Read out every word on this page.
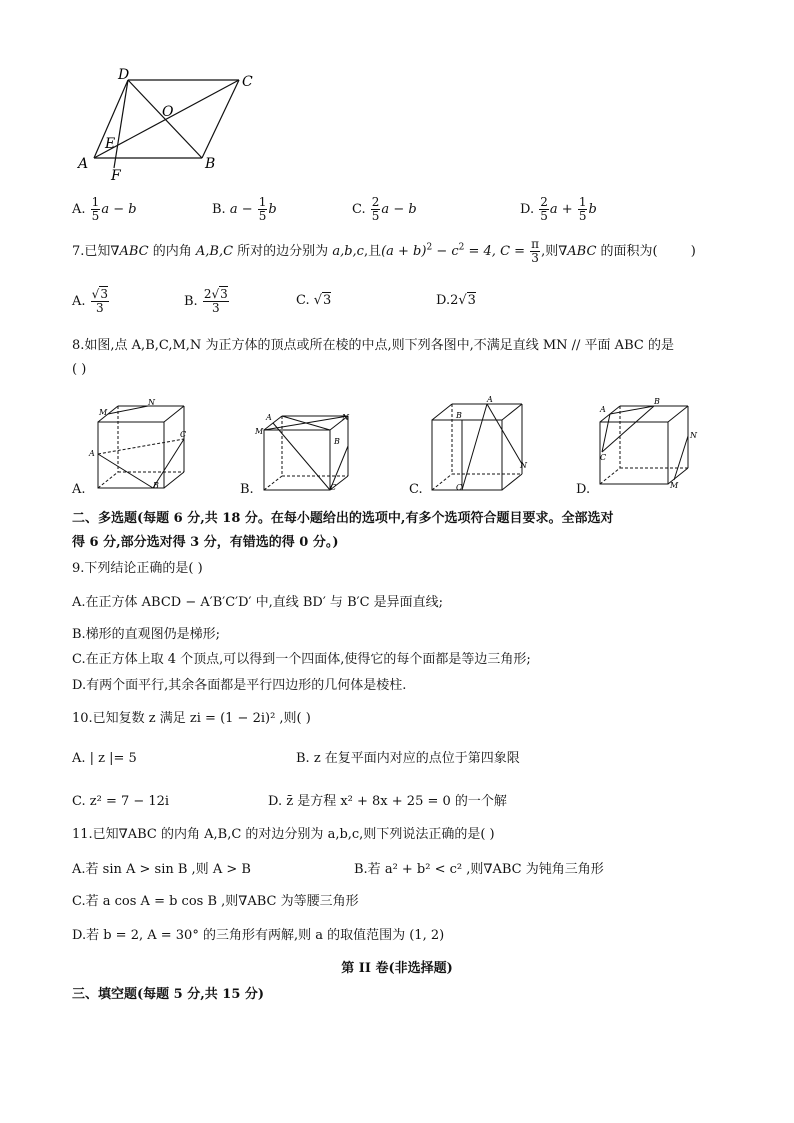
D	C
O
E
A
F
B
A. $\frac{1}{5}$ a − b	B. $a - \frac{1}{5}$ b	C. $\frac{2}{5}$ a − b	D. $\frac{2}{5}$ $a + \frac{1}{5}$ b
7.已知∇ABC 的内角 A,B,C 所对的边分别为 a,b,c,且$(a + b)^2 - c^2 = 4$, $C = \frac{\pi}{3}$ ,则∇ABC 的面积为(	)
A. $\frac{√3}{3}$	B. $\frac{2√3}{3}$	C. √3	D.2√3
8.如图,点 A,B,C,M,N 为正方体的顶点或所在棱的中点,则下列各图中,不满足直线 MN // 平面 ABC 的是
( )
M
N
C
A
B
A.
A
M
N
B
C
B.
B
A
N
C
C.
A
B
C
N
M
D.
二、多选题(每题 6 分,共 18 分。在每小题给出的选项中,有多个选项符合题目要求。全部选对
得 6 分,部分选对得 3 分，有错选的得 0 分。)
9.下列结论正确的是( )
A.在正方体 ABCD − A′B′C′D′ 中,直线 BD′ 与 B′C 是异面直线;
B.梯形的直观图仍是梯形;
C.在正方体上取 4 个顶点,可以得到一个四面体,使得它的每个面都是等边三角形;
D.有两个面平行,其余各面都是平行四边形的几何体是棱柱.
10.已知复数 z 满足 zi = (1 − 2i)² ,则( )
A. | z |= 5	B. z 在复平面内对应的点位于第四象限
C. z² = 7 − 12i	D. z̄ 是方程 x² + 8x + 25 = 0 的一个解
11.已知∇ABC 的内角 A,B,C 的对边分别为 a,b,c,则下列说法正确的是( )
A.若 sin A > sin B ,则 A > B	B.若 a² + b² < c² ,则∇ABC 为钝角三角形
C.若 a cos A = b cos B ,则∇ABC 为等腰三角形
D.若 b = 2, A = 30° 的三角形有两解,则 a 的取值范围为 (1, 2)
第 II 卷(非选择题)
三、填空题(每题 5 分,共 15 分)
